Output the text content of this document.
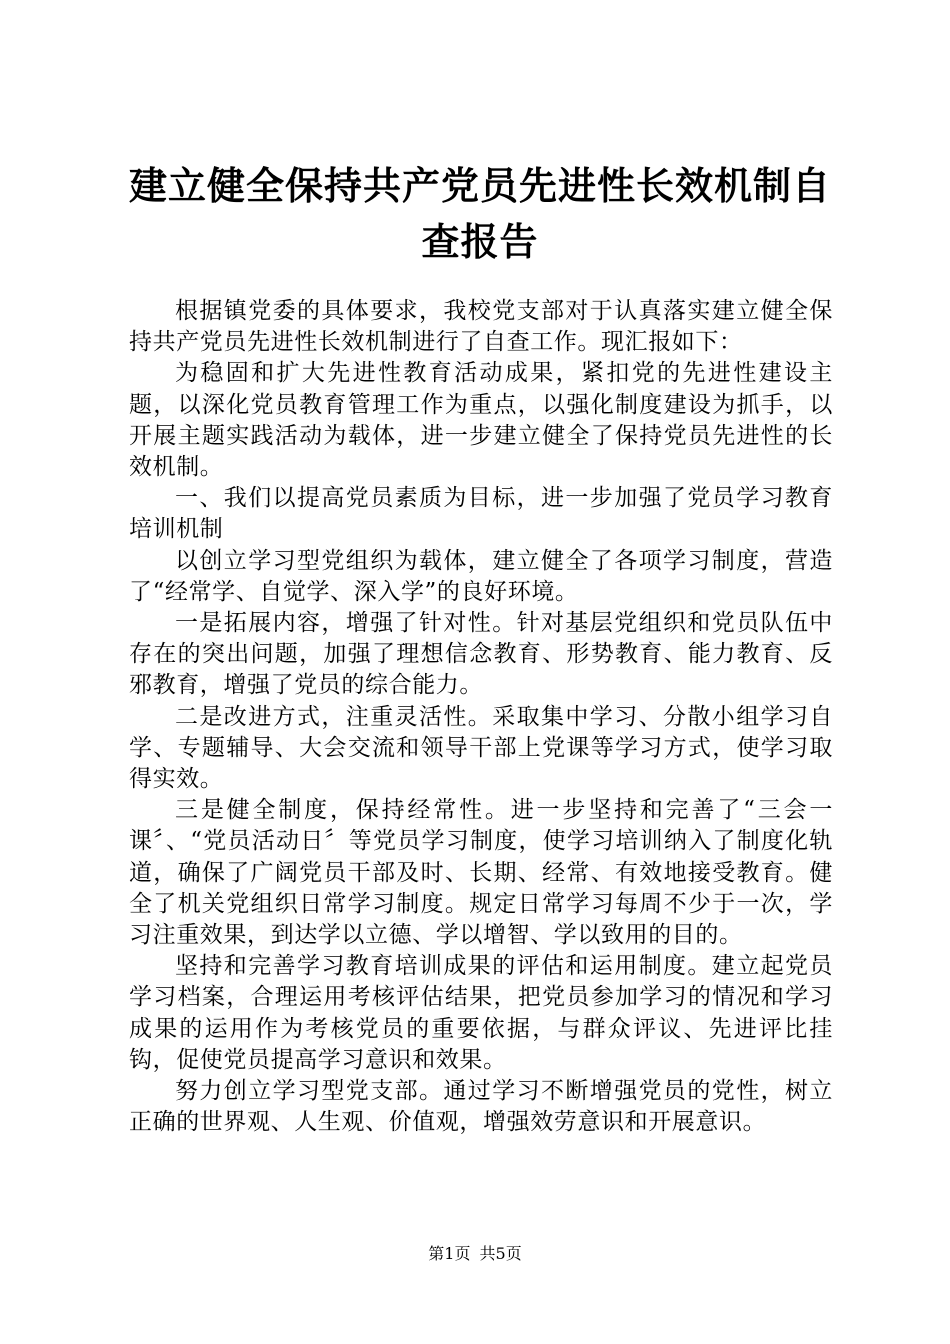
建立健全保持共产党员先进性长效机制自查报告

根据镇党委的具体要求，我校党支部对于认真落实建立健全保持共产党员先进性长效机制进行了自查工作。现汇报如下：

为稳固和扩大先进性教育活动成果，紧扣党的先进性建设主题，以深化党员教育管理工作为重点，以强化制度建设为抓手，以开展主题实践活动为载体，进一步建立健全了保持党员先进性的长效机制。

一、我们以提高党员素质为目标，进一步加强了党员学习教育培训机制

以创立学习型党组织为载体，建立健全了各项学习制度，营造了“经常学、自觉学、深入学”的良好环境。

一是拓展内容，增强了针对性。针对基层党组织和党员队伍中存在的突出问题，加强了理想信念教育、形势教育、能力教育、反邪教育，增强了党员的综合能力。

二是改进方式，注重灵活性。采取集中学习、分散小组学习自学、专题辅导、大会交流和领导干部上党课等学习方式，使学习取得实效。

三是健全制度，保持经常性。进一步坚持和完善了“三会一课〞、“党员活动日〞等党员学习制度，使学习培训纳入了制度化轨道，确保了广阔党员干部及时、长期、经常、有效地接受教育。健全了机关党组织日常学习制度。规定日常学习每周不少于一次，学习注重效果，到达学以立德、学以增智、学以致用的目的。

坚持和完善学习教育培训成果的评估和运用制度。建立起党员学习档案，合理运用考核评估结果，把党员参加学习的情况和学习成果的运用作为考核党员的重要依据，与群众评议、先进评比挂钩，促使党员提高学习意识和效果。

努力创立学习型党支部。通过学习不断增强党员的党性，树立正确的世界观、人生观、价值观，增强效劳意识和开展意识。

第1页 共5页
